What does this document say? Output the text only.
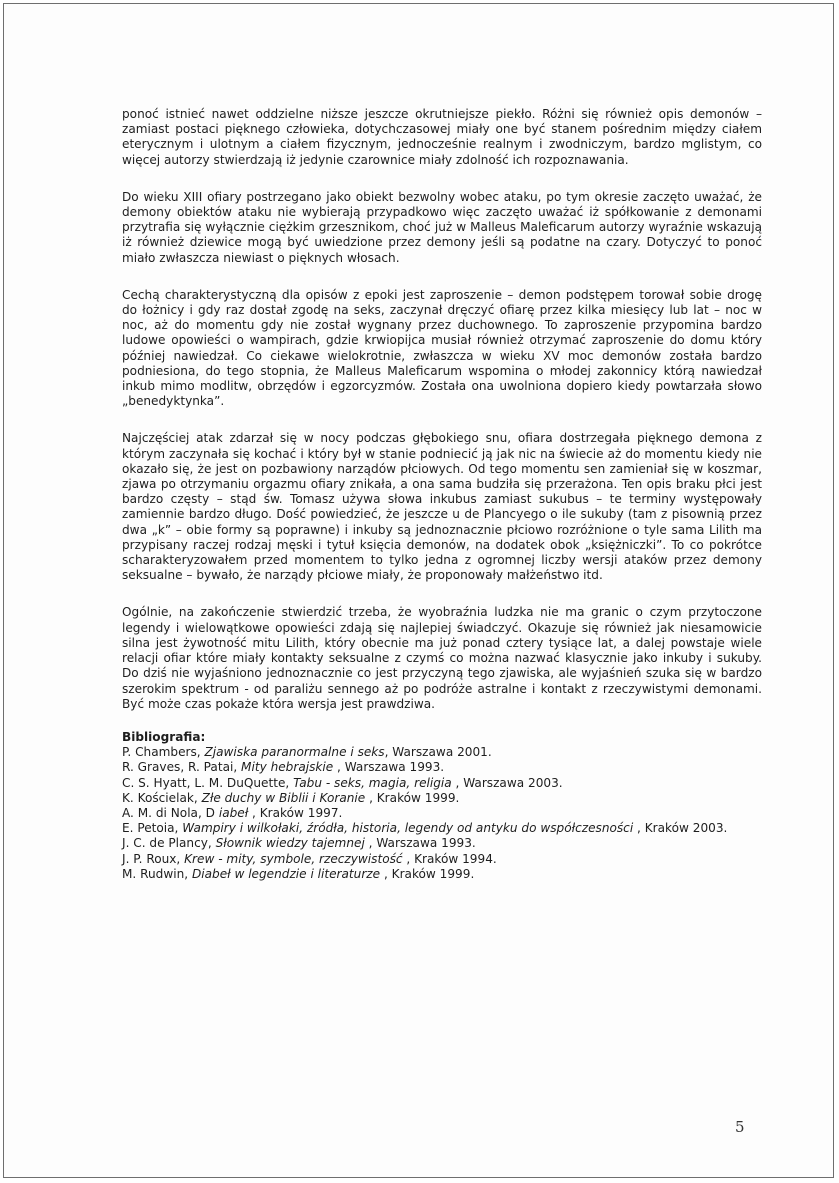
ponoć istnieć nawet oddzielne niższe jeszcze okrutniejsze piekło. Różni się również opis demonów – zamiast postaci pięknego człowieka, dotychczasowej miały one być stanem pośrednim między ciałem eterycznym i ulotnym a ciałem fizycznym, jednocześnie realnym i zwodniczym, bardzo mglistym, co więcej autorzy stwierdzają iż jedynie czarownice miały zdolność ich rozpoznawania.

Do wieku XIII ofiary postrzegano jako obiekt bezwolny wobec ataku, po tym okresie zaczęto uważać, że demony obiektów ataku nie wybierają przypadkowo więc zaczęto uważać iż spółkowanie z demonami przytrafia się wyłącznie ciężkim grzesznikom, choć już w Malleus Maleficarum autorzy wyraźnie wskazują iż również dziewice mogą być uwiedzione przez demony jeśli są podatne na czary. Dotyczyć to ponoć miało zwłaszcza niewiast o pięknych włosach.

Cechą charakterystyczną dla opisów z epoki jest zaproszenie – demon podstępem torował sobie drogę do łożnicy i gdy raz dostał zgodę na seks, zaczynał dręczyć ofiarę przez kilka miesięcy lub lat – noc w noc, aż do momentu gdy nie został wygnany przez duchownego. To zaproszenie przypomina bardzo ludowe opowieści o wampirach, gdzie krwiopijca musiał również otrzymać zaproszenie do domu który później nawiedzał. Co ciekawe wielokrotnie, zwłaszcza w wieku XV moc demonów została bardzo podniesiona, do tego stopnia, że Malleus Maleficarum wspomina o młodej zakonnicy którą nawiedzał inkub mimo modlitw, obrzędów i egzorcyzmów. Została ona uwolniona dopiero kiedy powtarzała słowo „benedyktynka”.

Najczęściej atak zdarzał się w nocy podczas głębokiego snu, ofiara dostrzegała pięknego demona z którym zaczynała się kochać i który był w stanie podniecić ją jak nic na świecie aż do momentu kiedy nie okazało się, że jest on pozbawiony narządów płciowych. Od tego momentu sen zamieniał się w koszmar, zjawa po otrzymaniu orgazmu ofiary znikała, a ona sama budziła się przerażona. Ten opis braku płci jest bardzo częsty – stąd św. Tomasz używa słowa inkubus zamiast sukubus – te terminy występowały zamiennie bardzo długo. Dość powiedzieć, że jeszcze u de Plancyego o ile sukuby (tam z pisownią przez dwa „k” – obie formy są poprawne) i inkuby są jednoznacznie płciowo rozróżnione o tyle sama Lilith ma przypisany raczej rodzaj męski i tytuł księcia demonów, na dodatek obok „księżniczki”. To co pokrótce scharakteryzowałem przed momentem to tylko jedna z ogromnej liczby wersji ataków przez demony seksualne – bywało, że narządy płciowe miały, że proponowały małżeństwo itd.

Ogólnie, na zakończenie stwierdzić trzeba, że wyobraźnia ludzka nie ma granic o czym przytoczone legendy i wielowątkowe opowieści zdają się najlepiej świadczyć. Okazuje się również jak niesamowicie silna jest żywotność mitu Lilith, który obecnie ma już ponad cztery tysiące lat, a dalej powstaje wiele relacji ofiar które miały kontakty seksualne z czymś co można nazwać klasycznie jako inkuby i sukuby. Do dziś nie wyjaśniono jednoznacznie co jest przyczyną tego zjawiska, ale wyjaśnień szuka się w bardzo szerokim spektrum - od paraliżu sennego aż po podróże astralne i kontakt z rzeczywistymi demonami. Być może czas pokaże która wersja jest prawdziwa.

Bibliografia:
P. Chambers, Zjawiska paranormalne i seks, Warszawa 2001.
R. Graves, R. Patai, Mity hebrajskie , Warszawa 1993.
C. S. Hyatt, L. M. DuQuette, Tabu - seks, magia, religia , Warszawa 2003.
K. Kościelak, Złe duchy w Biblii i Koranie , Kraków 1999.
A. M. di Nola, D iabeł , Kraków 1997.
E. Petoia, Wampiry i wilkołaki, źródła, historia, legendy od antyku do współczesności , Kraków 2003.
J. C. de Plancy, Słownik wiedzy tajemnej , Warszawa 1993.
J. P. Roux, Krew - mity, symbole, rzeczywistość , Kraków 1994.
M. Rudwin, Diabeł w legendzie i literaturze , Kraków 1999.
5
